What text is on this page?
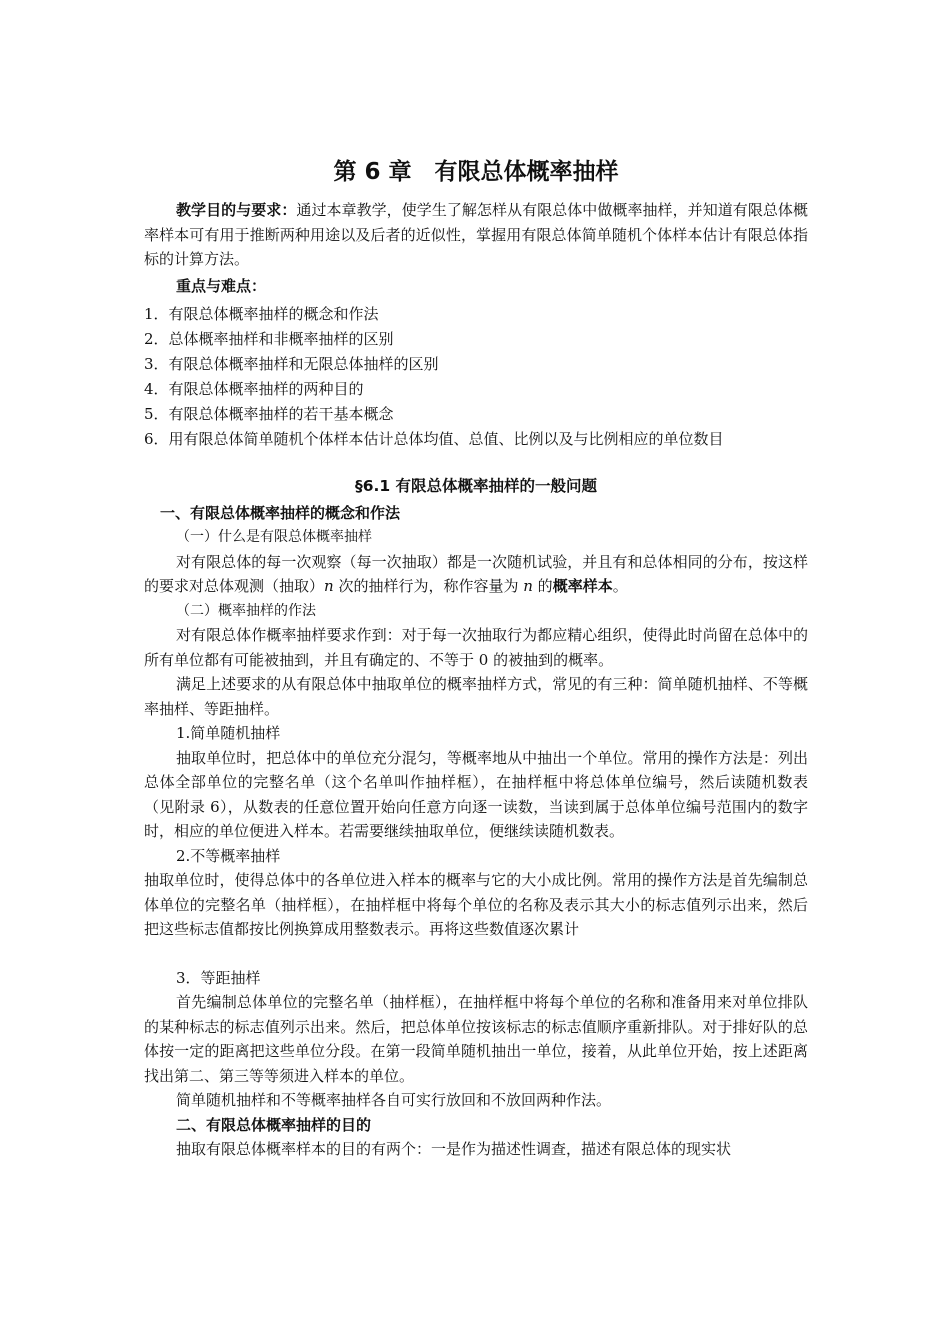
第 6 章　有限总体概率抽样

教学目的与要求：通过本章教学，使学生了解怎样从有限总体中做概率抽样，并知道有限总体概率样本可有用于推断两种用途以及后者的近似性，掌握用有限总体简单随机个体样本估计有限总体指标的计算方法。

重点与难点：
1．有限总体概率抽样的概念和作法
2．总体概率抽样和非概率抽样的区别
3．有限总体概率抽样和无限总体抽样的区别
4．有限总体概率抽样的两种目的
5．有限总体概率抽样的若干基本概念
6．用有限总体简单随机个体样本估计总体均值、总值、比例以及与比例相应的单位数目
§6.1 有限总体概率抽样的一般问题

一、有限总体概率抽样的概念和作法

（一）什么是有限总体概率抽样

对有限总体的每一次观察（每一次抽取）都是一次随机试验，并且有和总体相同的分布，按这样的要求对总体观测（抽取）n 次的抽样行为，称作容量为 n 的概率样本。

（二）概率抽样的作法

对有限总体作概率抽样要求作到：对于每一次抽取行为都应精心组织，使得此时尚留在总体中的所有单位都有可能被抽到，并且有确定的、不等于 0 的被抽到的概率。

满足上述要求的从有限总体中抽取单位的概率抽样方式，常见的有三种：简单随机抽样、不等概率抽样、等距抽样。

1.简单随机抽样

抽取单位时，把总体中的单位充分混匀，等概率地从中抽出一个单位。常用的操作方法是：列出总体全部单位的完整名单（这个名单叫作抽样框），在抽样框中将总体单位编号，然后读随机数表（见附录 6），从数表的任意位置开始向任意方向逐一读数，当读到属于总体单位编号范围内的数字时，相应的单位便进入样本。若需要继续抽取单位，便继续读随机数表。

2.不等概率抽样

抽取单位时，使得总体中的各单位进入样本的概率与它的大小成比例。常用的操作方法是首先编制总体单位的完整名单（抽样框），在抽样框中将每个单位的名称及表示其大小的标志值列示出来，然后把这些标志值都按比例换算成用整数表示。再将这些数值逐次累计

3．等距抽样

首先编制总体单位的完整名单（抽样框），在抽样框中将每个单位的名称和准备用来对单位排队的某种标志的标志值列示出来。然后，把总体单位按该标志的标志值顺序重新排队。对于排好队的总体按一定的距离把这些单位分段。在第一段简单随机抽出一单位，接着，从此单位开始，按上述距离找出第二、第三等等须进入样本的单位。

简单随机抽样和不等概率抽样各自可实行放回和不放回两种作法。

二、有限总体概率抽样的目的

抽取有限总体概率样本的目的有两个：一是作为描述性调查，描述有限总体的现实状
